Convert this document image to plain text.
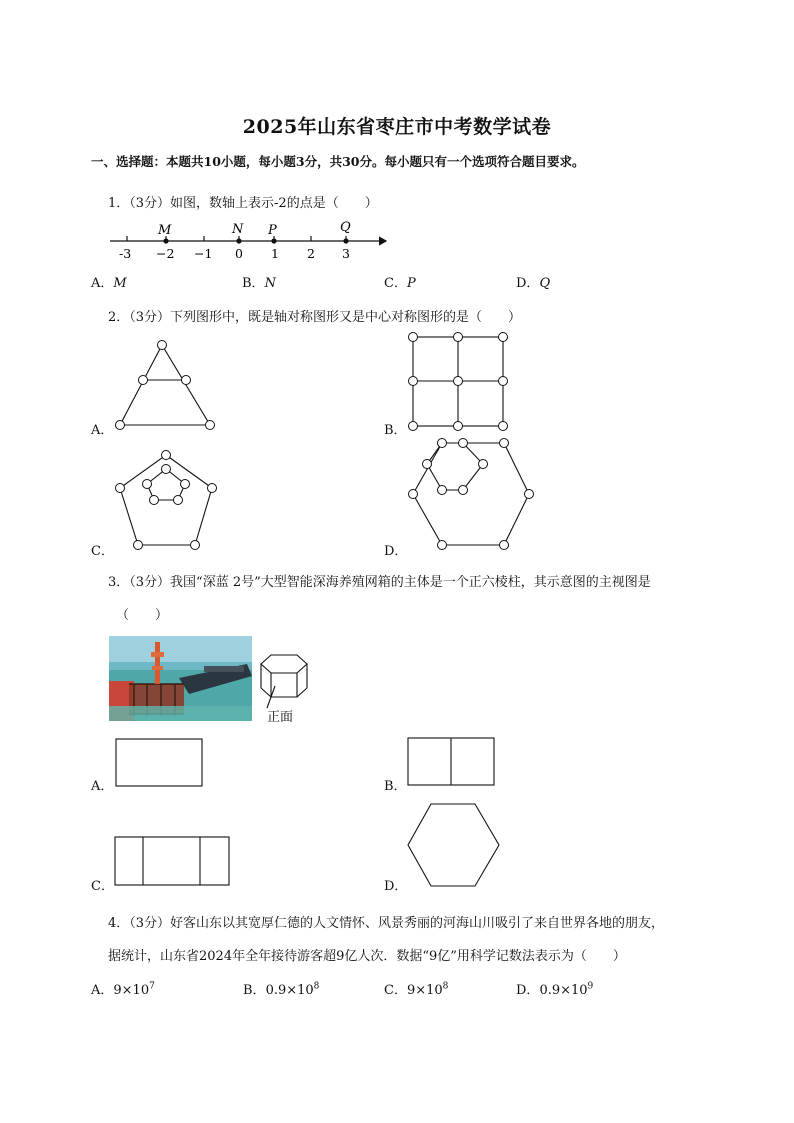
2025年山东省枣庄市中考数学试卷
一、选择题：本题共10小题，每小题3分，共30分。每小题只有一个选项符合题目要求。
1．（3分）如图，数轴上表示-2的点是（　　）
M	N P	Q
-3 −2 −1 0 1 2 3
A．M	B．N	C．P	D．Q
2．（3分）下列图形中，既是轴对称图形又是中心对称图形的是（　　）
A．	B．
C．	D．
3．（3分）我国“深蓝 2号”大型智能深海养殖网箱的主体是一个正六棱柱，其示意图的主视图是
（　　）
正面
A．	B．
C．	D．
4．（3分）好客山东以其宽厚仁德的人文情怀、风景秀丽的河海山川吸引了来自世界各地的朋友，
据统计，山东省2024年全年接待游客超9亿人次．数据“9亿”用科学记数法表示为（　　）
A．$9\times 10^7$	B．$0.9\times 10^8$	C．$9\times 10^8$	D．$0.9\times 10^9$
